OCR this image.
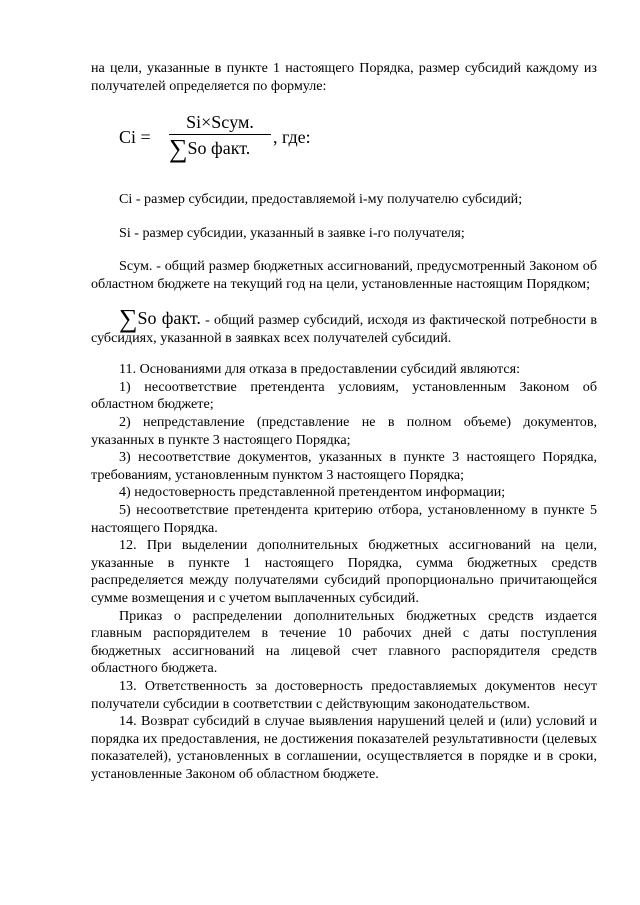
на цели, указанные в пункте 1 настоящего Порядка, размер субсидий каждому из получателей определяется по формуле:

Ci =
Si×Scум.
∑So факт.
, где:

Ci - размер субсидии, предоставляемой i-му получателю субсидий;

Si - размер субсидии, указанный в заявке i-го получателя;

Scум. - общий размер бюджетных ассигнований, предусмотренный Законом об областном бюджете на текущий год на цели, установленные настоящим Порядком;

∑So факт. - общий размер субсидий, исходя из фактической потребности в субсидиях, указанной в заявках всех получателей субсидий.

11. Основаниями для отказа в предоставлении субсидий являются:

1) несоответствие претендента условиям, установленным Законом об областном бюджете;

2) непредставление (представление не в полном объеме) документов, указанных в пункте 3 настоящего Порядка;

3) несоответствие документов, указанных в пункте 3 настоящего Порядка, требованиям, установленным пунктом 3 настоящего Порядка;

4) недостоверность представленной претендентом информации;

5) несоответствие претендента критерию отбора, установленному в пункте 5 настоящего Порядка.

12. При выделении дополнительных бюджетных ассигнований на цели, указанные в пункте 1 настоящего Порядка, сумма бюджетных средств распределяется между получателями субсидий пропорционально причитающейся сумме возмещения и с учетом выплаченных субсидий.

Приказ о распределении дополнительных бюджетных средств издается главным распорядителем в течение 10 рабочих дней с даты поступления бюджетных ассигнований на лицевой счет главного распорядителя средств областного бюджета.

13. Ответственность за достоверность предоставляемых документов несут получатели субсидии в соответствии с действующим законодательством.

14. Возврат субсидий в случае выявления нарушений целей и (или) условий и порядка их предоставления, не достижения показателей результативности (целевых показателей), установленных в соглашении, осуществляется в порядке и в сроки, установленные Законом об областном бюджете.
